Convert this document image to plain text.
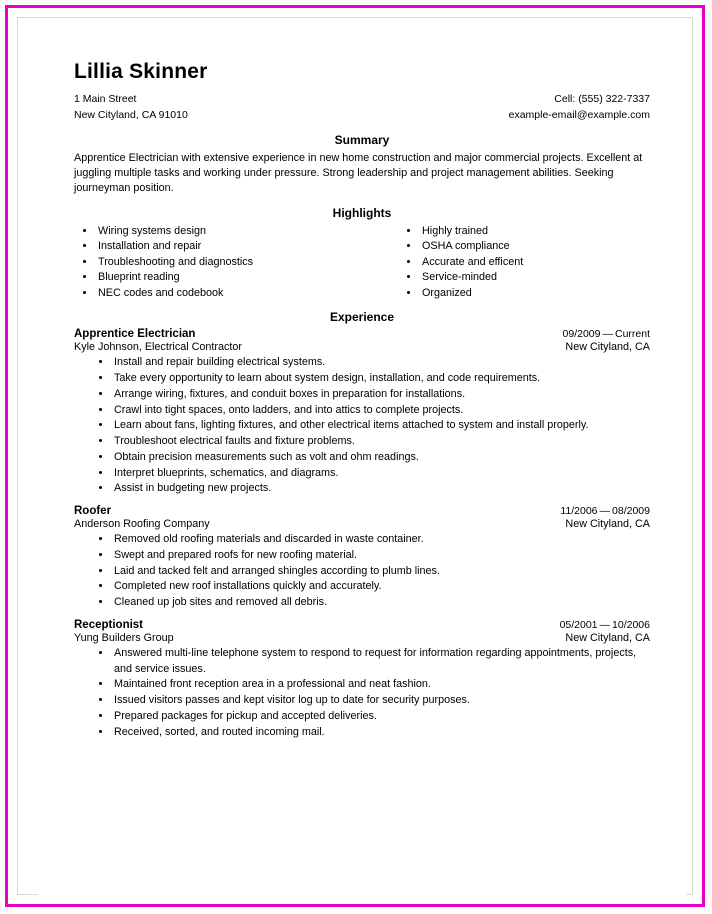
Lillia Skinner
1 Main Street
New Cityland, CA 91010
Cell: (555) 322-7337
example-email@example.com
Summary

Apprentice Electrician with extensive experience in new home construction and major commercial projects. Excellent at juggling multiple tasks and working under pressure. Strong leadership and project management abilities. Seeking journeyman position.

Highlights
• Wiring systems design
• Installation and repair
• Troubleshooting and diagnostics
• Blueprint reading
• NEC codes and codebook
• Highly trained
• OSHA compliance
• Accurate and efficent
• Service-minded
• Organized
Experience
Apprentice Electrician	09/2009 — Current
Kyle Johnson, Electrical Contractor	New Cityland, CA
• Install and repair building electrical systems.
• Take every opportunity to learn about system design, installation, and code requirements.
• Arrange wiring, fixtures, and conduit boxes in preparation for installations.
• Crawl into tight spaces, onto ladders, and into attics to complete projects.
• Learn about fans, lighting fixtures, and other electrical items attached to system and install properly.
• Troubleshoot electrical faults and fixture problems.
• Obtain precision measurements such as volt and ohm readings.
• Interpret blueprints, schematics, and diagrams.
• Assist in budgeting new projects.
Roofer	11/2006 — 08/2009
Anderson Roofing Company	New Cityland, CA
• Removed old roofing materials and discarded in waste container.
• Swept and prepared roofs for new roofing material.
• Laid and tacked felt and arranged shingles according to plumb lines.
• Completed new roof installations quickly and accurately.
• Cleaned up job sites and removed all debris.
Receptionist	05/2001 — 10/2006
Yung Builders Group	New Cityland, CA
• Answered multi-line telephone system to respond to request for information regarding appointments, projects, and service issues.
• Maintained front reception area in a professional and neat fashion.
• Issued visitors passes and kept visitor log up to date for security purposes.
• Prepared packages for pickup and accepted deliveries.
• Received, sorted, and routed incoming mail.
